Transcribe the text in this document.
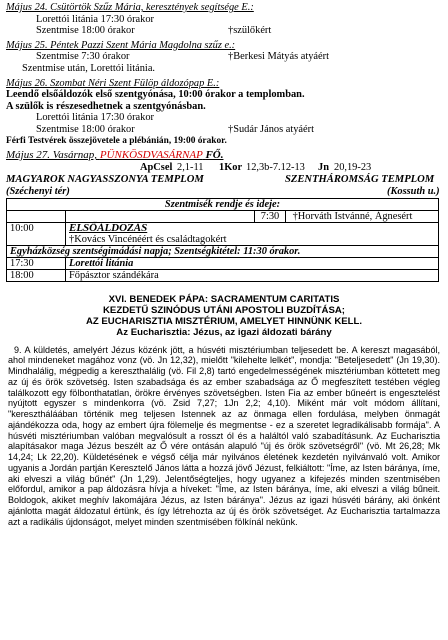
Május 24. Csütörtök Szűz Mária, keresztények segítsége E.:
Lorettói litánia 17:30 órakor
Szentmise 18:00 órakor	†szülőkért
Május 25. Péntek Pazzi Szent Mária Magdolna szűz e.:
Szentmise 7:30 órakor	†Berkesi Mátyás atyáért
Szentmise után, Lorettói litánia.
Május 26. Szombat Néri Szent Fülöp áldozópap E.:
Leendő elsőáldozók első szentgyónása, 10:00 órakor a templomban.
A szülők is részesedhetnek a szentgyónásban.
Lorettói litánia 17:30 órakor
Szentmise 18:00 órakor	†Sudár János atyáért
Férfi Testvérek összejövetele a plébánián, 19:00 órakor.
Május 27. Vasárnap, PÜNKÖSDVASÁRNAP FŐ.
ApCsel 2,1-11 1Kor 12,3b-7.12-13 Jn 20,19-23
MAGYAROK NAGYASSZONYA TEMPLOM	SZENTHÁROMSÁG TEMPLOM
(Széchenyi tér)	(Kossuth u.)
Szentmisék rendje és ideje:		
		7:30 †Horváth Istvánné, Ágnesért
10:00	ELSŐÁLDOZÁS
†Kovács Vincénéért és családtagokért	

Egyházközség szentségimádási napja; Szentségkitétel: 11:30 órakor.		
17:30	Lorettói litánia	
18:00	Főpásztor szándékára	
XVI. BENEDEK PÁPA: SACRAMENTUM CARITATIS
KEZDETŰ SZINÓDUS UTÁNI APOSTOLI BUZDÍTÁSA;
AZ EUCHARISZTIA MISZTÉRIUM, AMELYET HINNÜNK KELL.
Az Eucharisztia: Jézus, az igazi áldozati bárány
9. A küldetés, amelyért Jézus közénk jött, a húsvéti misztériumban teljesedett be. A kereszt magasából, ahol mindeneket magához vonz (vö. Jn 12,32), mielőtt "kilehelte lelkét", mondja: "Beteljesedett" (Jn 19,30). Mindhalálig, mégpedig a kereszthalálig (vö. Fil 2,8) tartó engedelmességének misztériumban köttetett meg az új és örök szövetség. Isten szabadsága és az ember szabadsága az Ő megfeszített testében végleg találkozott egy fölbonthatatlan, örökre érvényes szövetségben. Isten Fia az ember bűneért is engesztelést nyújtott egyszer s mindenkorra (vö. Zsid 7,27; 1Jn 2,2; 4,10). Miként már volt módom állítani, "keresztháláában történik meg teljesen Istennek az az önmaga ellen fordulása, melyben önmagát ajándékozza oda, hogy az embert újra fölemelje és megmentse - ez a szeretet legradikálisabb formája". A húsvéti misztériumban valóban megvalósult a rosszt ól és a haláltól való szabadításunk. Az Eucharisztia alapításakor maga Jézus beszélt az Ő vére ontásán alapuló "új és örök szövetségről" (vö. Mt 26,28; Mk 14,24; Lk 22,20). Küldetésének e végső célja már nyilvános életének kezdetén nyilvánvaló volt. Amikor ugyanis a Jordán partján Keresztelő János látta a hozzá jövő Jézust, felkiáltott: "Íme, az Isten báránya, íme, aki elveszi a világ bűnét" (Jn 1,29). Jelentőségteljes, hogy ugyanez a kifejezés minden szentmisében előfordul, amikor a pap áldozásra hívja a híveket: "Íme, az Isten báránya, íme, aki elveszi a világ bűneit. Boldogok, akiket meghív lakomájára Jézus, az Isten báránya". Jézus az igazi húsvéti bárány, aki önként ajánlotta magát áldozatul értünk, és így létrehozta az új és örök szövetséget. Az Eucharisztia tartalmazza azt a radikális újdonságot, melyet minden szentmisében fölkínál nekünk.
